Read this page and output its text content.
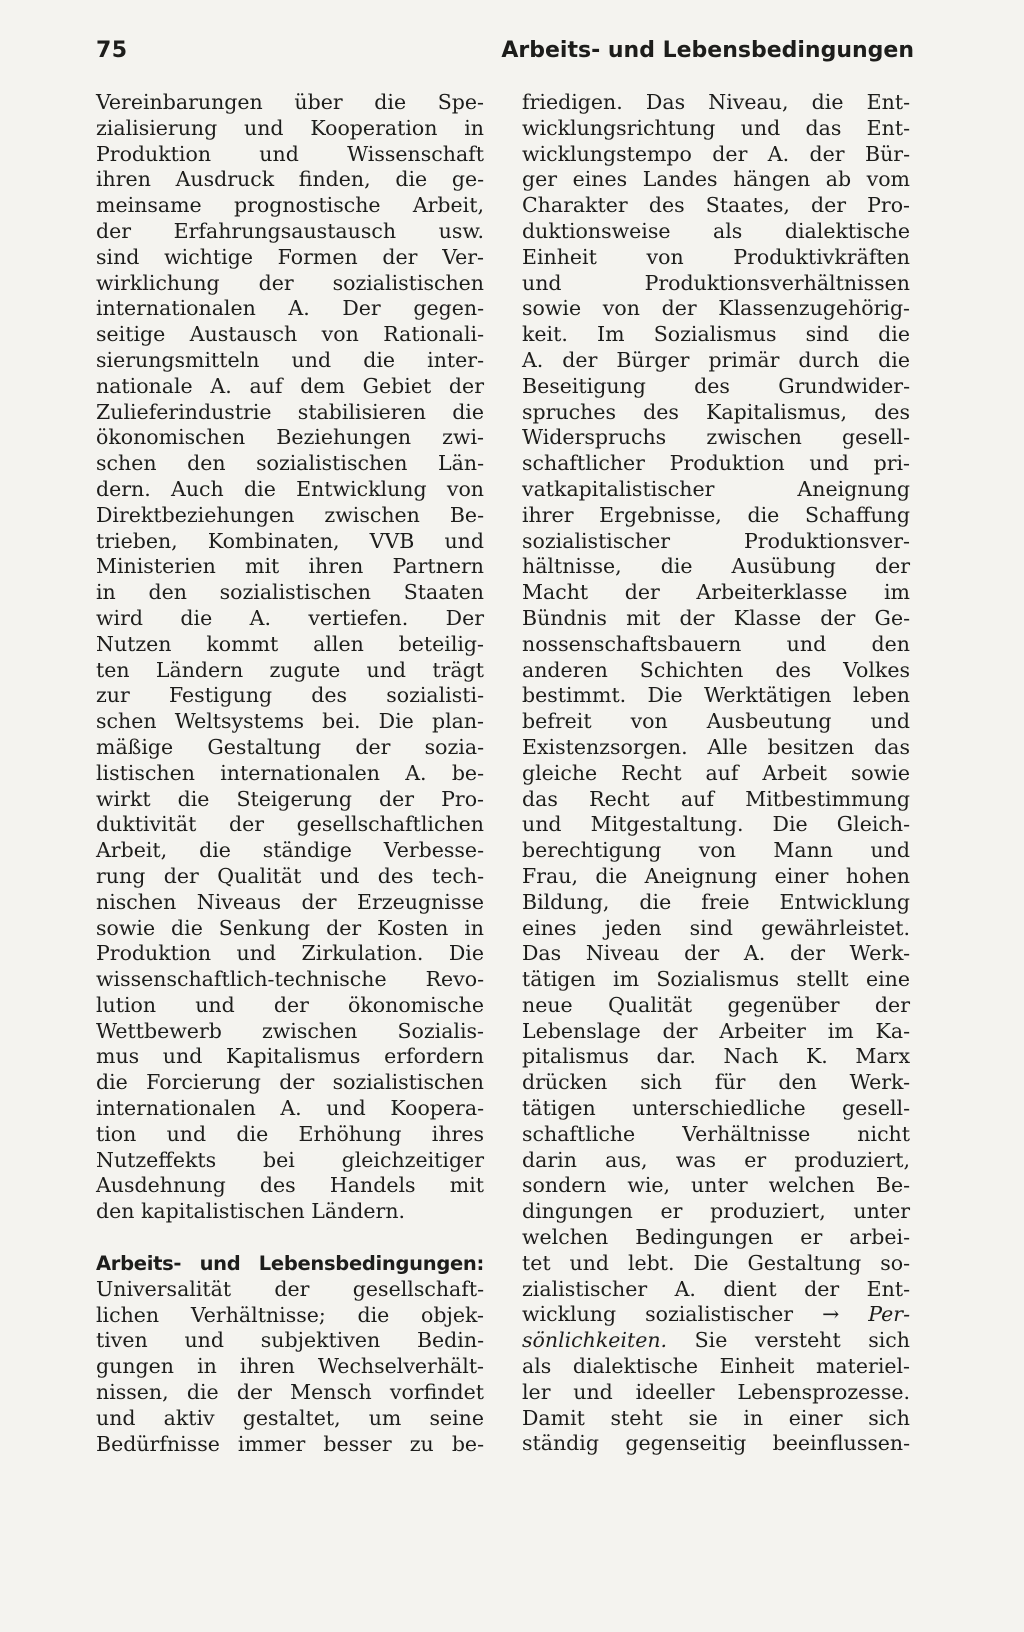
75	Arbeits- und Lebensbedingungen
Vereinbarungen über die Spe-
zialisierung und Kooperation in
Produktion und Wissenschaft
ihren Ausdruck finden, die ge-
meinsame prognostische Arbeit,
der Erfahrungsaustausch usw.
sind wichtige Formen der Ver-
wirklichung der sozialistischen
internationalen A. Der gegen-
seitige Austausch von Rationali-
sierungsmitteln und die inter-
nationale A. auf dem Gebiet der
Zulieferindustrie stabilisieren die
ökonomischen Beziehungen zwi-
schen den sozialistischen Län-
dern. Auch die Entwicklung von
Direktbeziehungen zwischen Be-
trieben, Kombinaten, VVB und
Ministerien mit ihren Partnern
in den sozialistischen Staaten
wird die A. vertiefen. Der
Nutzen kommt allen beteilig-
ten Ländern zugute und trägt
zur Festigung des sozialisti-
schen Weltsystems bei. Die plan-
mäßige Gestaltung der sozia-
listischen internationalen A. be-
wirkt die Steigerung der Pro-
duktivität der gesellschaftlichen
Arbeit, die ständige Verbesse-
rung der Qualität und des tech-
nischen Niveaus der Erzeugnisse
sowie die Senkung der Kosten in
Produktion und Zirkulation. Die
wissenschaftlich-technische Revo-
lution und der ökonomische
Wettbewerb zwischen Sozialis-
mus und Kapitalismus erfordern
die Forcierung der sozialistischen
internationalen A. und Koopera-
tion und die Erhöhung ihres
Nutzeffekts bei gleichzeitiger
Ausdehnung des Handels mit
den kapitalistischen Ländern.
Arbeits- und Lebensbedingungen:
Universalität der gesellschaft-
lichen Verhältnisse; die objek-
tiven und subjektiven Bedin-
gungen in ihren Wechselverhält-
nissen, die der Mensch vorfindet
und aktiv gestaltet, um seine
Bedürfnisse immer besser zu be-
friedigen. Das Niveau, die Ent-
wicklungsrichtung und das Ent-
wicklungstempo der A. der Bür-
ger eines Landes hängen ab vom
Charakter des Staates, der Pro-
duktionsweise als dialektische
Einheit von Produktivkräften
und Produktionsverhältnissen
sowie von der Klassenzugehörig-
keit. Im Sozialismus sind die
A. der Bürger primär durch die
Beseitigung des Grundwider-
spruches des Kapitalismus, des
Widerspruchs zwischen gesell-
schaftlicher Produktion und pri-
vatkapitalistischer Aneignung
ihrer Ergebnisse, die Schaffung
sozialistischer Produktionsver-
hältnisse, die Ausübung der
Macht der Arbeiterklasse im
Bündnis mit der Klasse der Ge-
nossenschaftsbauern und den
anderen Schichten des Volkes
bestimmt. Die Werktätigen leben
befreit von Ausbeutung und
Existenzsorgen. Alle besitzen das
gleiche Recht auf Arbeit sowie
das Recht auf Mitbestimmung
und Mitgestaltung. Die Gleich-
berechtigung von Mann und
Frau, die Aneignung einer hohen
Bildung, die freie Entwicklung
eines jeden sind gewährleistet.
Das Niveau der A. der Werk-
tätigen im Sozialismus stellt eine
neue Qualität gegenüber der
Lebenslage der Arbeiter im Ka-
pitalismus dar. Nach K. Marx
drücken sich für den Werk-
tätigen unterschiedliche gesell-
schaftliche Verhältnisse nicht
darin aus, was er produziert,
sondern wie, unter welchen Be-
dingungen er produziert, unter
welchen Bedingungen er arbei-
tet und lebt. Die Gestaltung so-
zialistischer A. dient der Ent-
wicklung sozialistischer → Per-
sönlichkeiten. Sie versteht sich
als dialektische Einheit materiel-
ler und ideeller Lebensprozesse.
Damit steht sie in einer sich
ständig gegenseitig beeinflussen-
